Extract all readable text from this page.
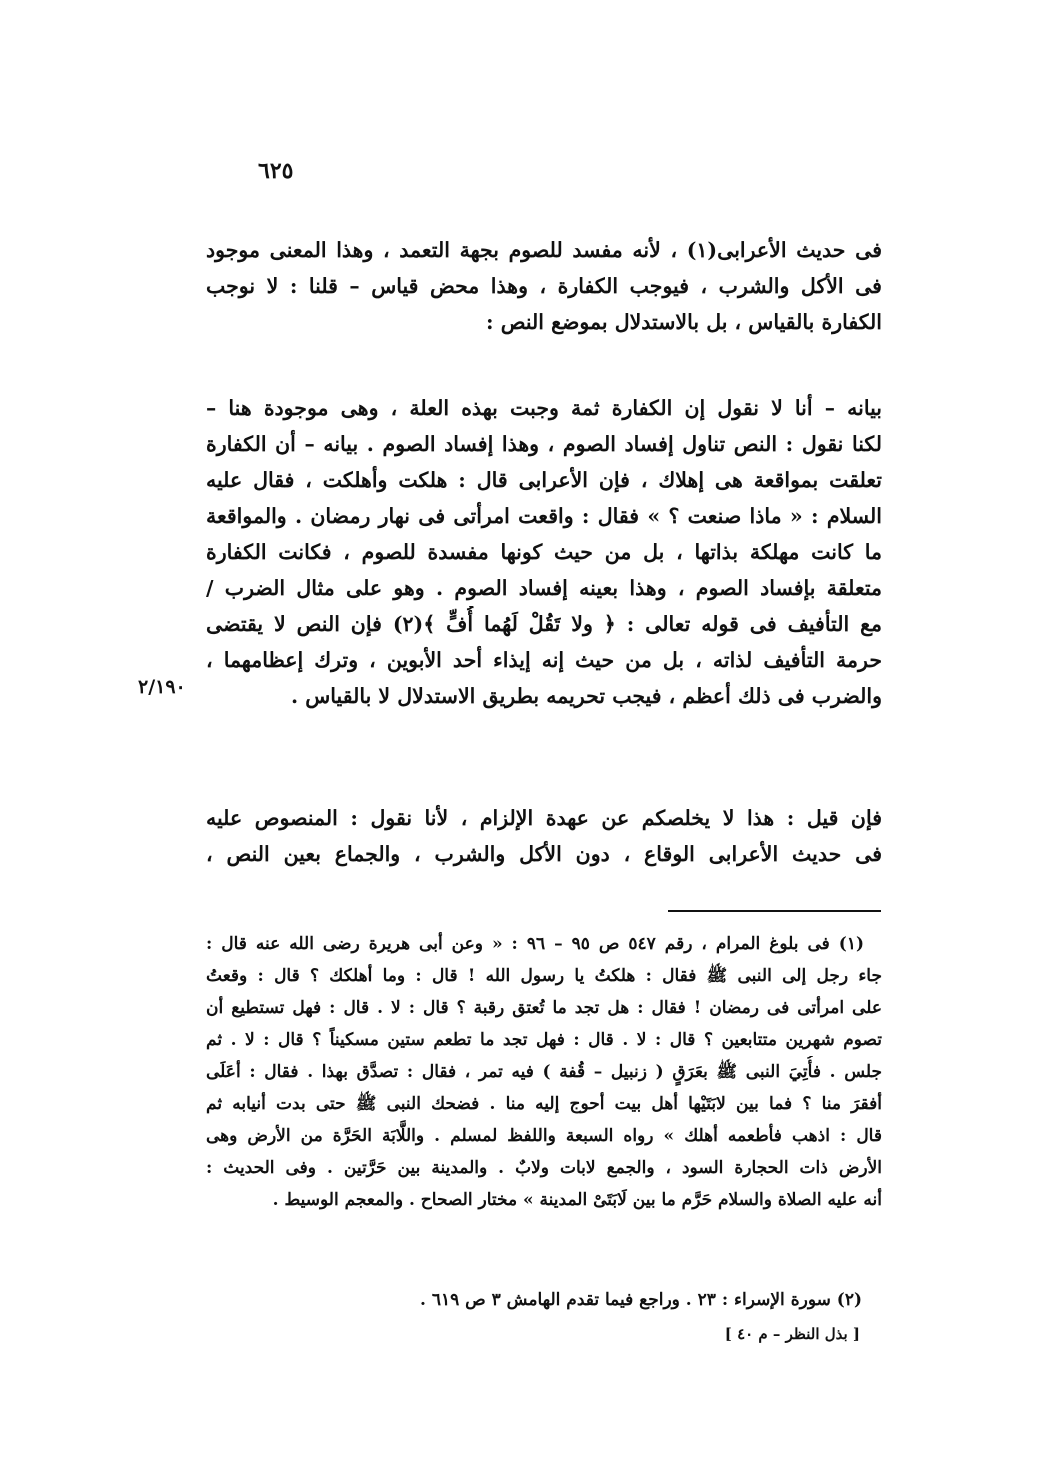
٦٢٥
فى حديث الأعرابى(١) ، لأنه مفسد للصوم بجهة التعمد ، وهذا المعنى موجود
فى الأكل والشرب ، فيوجب الكفارة ، وهذا محض قياس – قلنا : لا نوجب
الكفارة بالقياس ، بل بالاستدلال بموضع النص :
بيانه – أنا لا نقول إن الكفارة ثمة وجبت بهذه العلة ، وهى موجودة هنا –
لكنا نقول : النص تناول إفساد الصوم ، وهذا إفساد الصوم . بيانه – أن الكفارة
تعلقت بمواقعة هى إهلاك ، فإن الأعرابى قال : هلكت وأهلكت ، فقال عليه
السلام : « ماذا صنعت ؟ » فقال : واقعت امرأتى فى نهار رمضان . والمواقعة
ما كانت مهلكة بذاتها ، بل من حيث كونها مفسدة للصوم ، فكانت الكفارة
متعلقة بإفساد الصوم ، وهذا بعينه إفساد الصوم . وهو على مثال الضرب /
مع التأفيف فى قوله تعالى : ﴿ ولا تَقُلْ لَهُما أُفٍّ ﴾(٢) فإن النص لا يقتضى
حرمة التأفيف لذاته ، بل من حيث إنه إيذاء أحد الأبوين ، وترك إعظامهما ،
والضرب فى ذلك أعظم ، فيجب تحريمه بطريق الاستدلال لا بالقياس .
٢/١٩٠
فإن قيل : هذا لا يخلصكم عن عهدة الإلزام ، لأنا نقول : المنصوص عليه
فى حديث الأعرابى الوقاع ، دون الأكل والشرب ، والجماع بعين النص ،
(١) فى بلوغ المرام ، رقم ٥٤٧ ص ٩٥ – ٩٦ : « وعن أبى هريرة رضى الله عنه قال :
جاء رجل إلى النبى ﷺ فقال : هلكتُ يا رسول الله ! قال : وما أهلكك ؟ قال : وقعتُ
على امرأتى فى رمضان ! فقال : هل تجد ما تُعتق رقبة ؟ قال : لا . قال : فهل تستطيع أن
تصوم شهرين متتابعين ؟ قال : لا . قال : فهل تجد ما تطعم ستين مسكيناً ؟ قال : لا . ثم
جلس . فأُتِيَ النبى ﷺ بعَرَقٍ ( زنبيل – قُفة ) فيه تمر ، فقال : تصدَّق بهذا . فقال : أعَلَى
أفقرَ منا ؟ فما بين لابَتَيْها أهل بيت أحوج إليه منا . فضحك النبى ﷺ حتى بدت أنيابه ثم
قال : اذهب فأطعمه أهلك » رواه السبعة واللفظ لمسلم . واللَّابَة الحَرَّة من الأرض وهى
الأرض ذات الحجارة السود ، والجمع لابات ولابٌ . والمدينة بين حَرَّتين . وفى الحديث :
أنه عليه الصلاة والسلام حَرَّم ما بين لَابَتَىْ المدينة » مختار الصحاح . والمعجم الوسيط .
(٢) سورة الإسراء : ٢٣ . وراجع فيما تقدم الهامش ٣ ص ٦١٩ .
[ بذل النظر – م ٤٠ ]
